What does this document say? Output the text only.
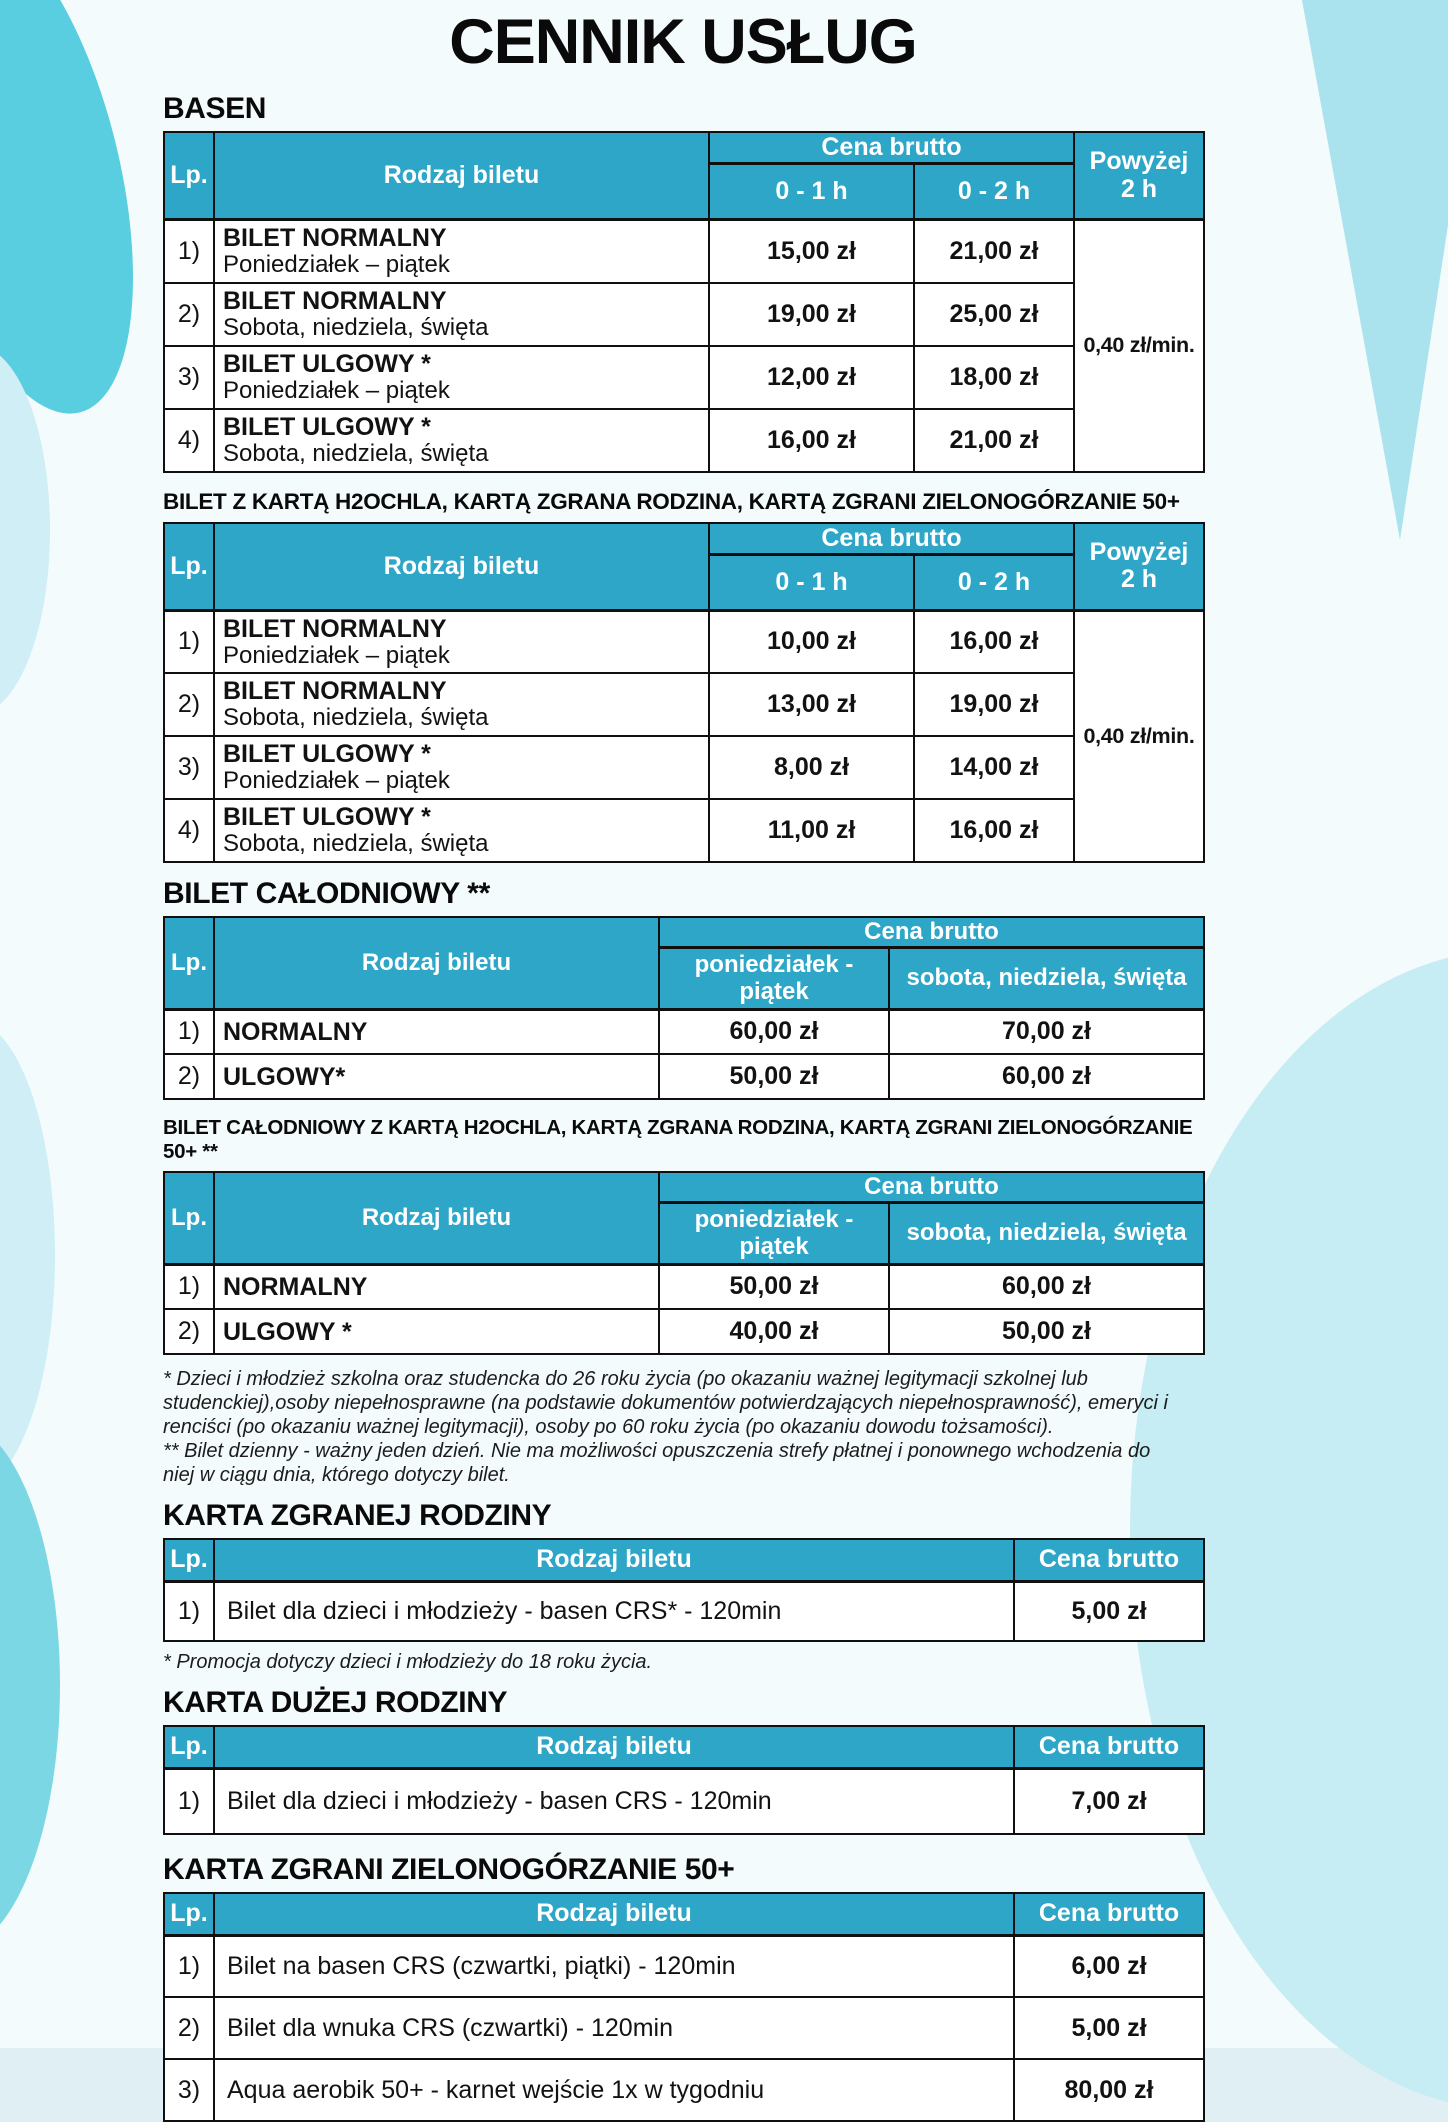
CENNIK USŁUG
BASEN
Lp.	Rodzaj biletu	Cena brutto		Powyżej 2 h
		0 - 1 h	0 - 2 h	
1)	BILET NORMALNY
Poniedziałek – piątek	15,00 zł	21,00 zł	0,40 zł/min.
2)	BILET NORMALNY
Sobota, niedziela, święta	19,00 zł	25,00 zł	
3)	BILET ULGOWY *
Poniedziałek – piątek	12,00 zł	18,00 zł	
4)	BILET ULGOWY *
Sobota, niedziela, święta	16,00 zł	21,00 zł	
BILET Z KARTĄ H2OCHLA, KARTĄ ZGRANA RODZINA, KARTĄ ZGRANI ZIELONOGÓRZANIE 50+
Lp.	Rodzaj biletu	Cena brutto		Powyżej 2 h
		0 - 1 h	0 - 2 h	
1)	BILET NORMALNY
Poniedziałek – piątek	10,00 zł	16,00 zł	0,40 zł/min.
2)	BILET NORMALNY
Sobota, niedziela, święta	13,00 zł	19,00 zł	
3)	BILET ULGOWY *
Poniedziałek – piątek	8,00 zł	14,00 zł	
4)	BILET ULGOWY *
Sobota, niedziela, święta	11,00 zł	16,00 zł	
BILET CAŁODNIOWY **
Lp.	Rodzaj biletu	Cena brutto	
		poniedziałek - piątek	sobota, niedziela, święta
1)	NORMALNY	60,00 zł	70,00 zł
2)	ULGOWY*	50,00 zł	60,00 zł
BILET CAŁODNIOWY Z KARTĄ H2OCHLA, KARTĄ ZGRANA RODZINA, KARTĄ ZGRANI ZIELONOGÓRZANIE 50+ **
Lp.	Rodzaj biletu	Cena brutto	
		poniedziałek - piątek	sobota, niedziela, święta
1)	NORMALNY	50,00 zł	60,00 zł
2)	ULGOWY *	40,00 zł	50,00 zł

* Dzieci i młodzież szkolna oraz studencka do 26 roku życia (po okazaniu ważnej legitymacji szkolnej lub studenckiej),osoby niepełnosprawne (na podstawie dokumentów potwierdzających niepełnosprawność), emeryci i renciści (po okazaniu ważnej legitymacji), osoby po 60 roku życia (po okazaniu dowodu tożsamości).

** Bilet dzienny - ważny jeden dzień. Nie ma możliwości opuszczenia strefy płatnej i ponownego wchodzenia do niej w ciągu dnia, którego dotyczy bilet.

KARTA ZGRANEJ RODZINY
Lp.	Rodzaj biletu	Cena brutto
1)	Bilet dla dzieci i młodzieży - basen CRS* - 120min	5,00 zł

* Promocja dotyczy dzieci i młodzieży do 18 roku życia.

KARTA DUŻEJ RODZINY
Lp.	Rodzaj biletu	Cena brutto
1)	Bilet dla dzieci i młodzieży - basen CRS - 120min	7,00 zł
KARTA ZGRANI ZIELONOGÓRZANIE 50+
Lp.	Rodzaj biletu	Cena brutto
1)	Bilet na basen CRS (czwartki, piątki) - 120min	6,00 zł
2)	Bilet dla wnuka CRS (czwartki) - 120min	5,00 zł
3)	Aqua aerobik 50+ - karnet wejście 1x w tygodniu	80,00 zł
